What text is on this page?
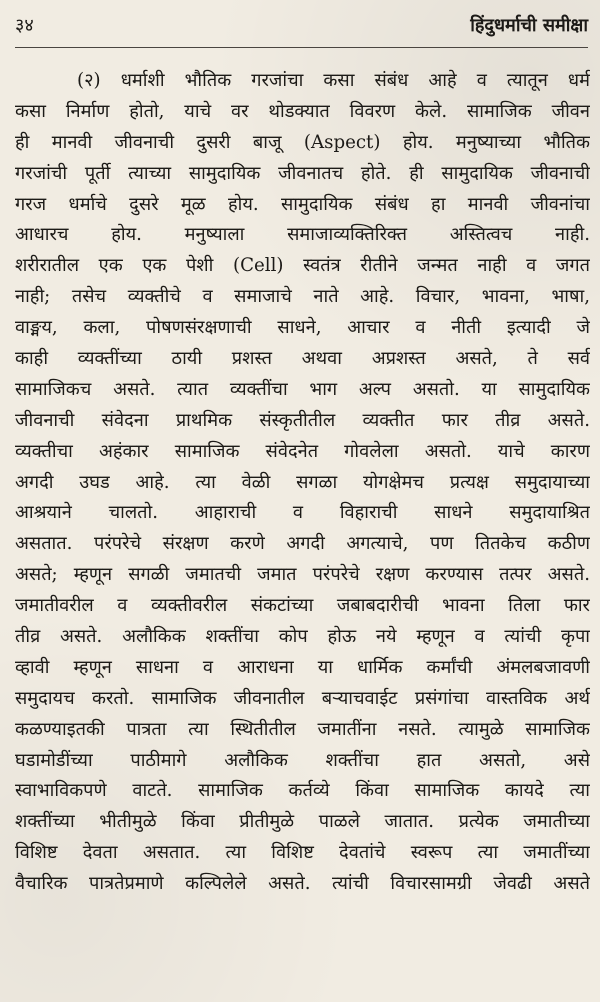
३४	हिंदुधर्माची समीक्षा
(२) धर्माशी भौतिक गरजांचा कसा संबंध आहे व त्यातून धर्म
कसा निर्माण होतो, याचे वर थोडक्यात विवरण केले. सामाजिक जीवन
ही मानवी जीवनाची दुसरी बाजू (Aspect) होय. मनुष्याच्या भौतिक
गरजांची पूर्ती त्याच्या सामुदायिक जीवनातच होते. ही सामुदायिक जीवनाची
गरज धर्माचे दुसरे मूळ होय. सामुदायिक संबंध हा मानवी जीवनांचा
आधारच होय. मनुष्याला समाजाव्यक्तिरिक्त अस्तित्वच नाही.
शरीरातील एक एक पेशी (Cell) स्वतंत्र रीतीने जन्मत नाही व जगत
नाही; तसेच व्यक्तीचे व समाजाचे नाते आहे. विचार, भावना, भाषा,
वाङ्मय, कला, पोषणसंरक्षणाची साधने, आचार व नीती इत्यादी जे
काही व्यक्तींच्या ठायी प्रशस्त अथवा अप्रशस्त असते, ते सर्व
सामाजिकच असते. त्यात व्यक्तींचा भाग अल्प असतो. या सामुदायिक
जीवनाची संवेदना प्राथमिक संस्कृतीतील व्यक्तीत फार तीव्र असते.
व्यक्तीचा अहंकार सामाजिक संवेदनेत गोवलेला असतो. याचे कारण
अगदी उघड आहे. त्या वेळी सगळा योगक्षेमच प्रत्यक्ष समुदायाच्या
आश्रयाने चालतो. आहाराची व विहाराची साधने समुदायाश्रित
असतात. परंपरेचे संरक्षण करणे अगदी अगत्याचे, पण तितकेच कठीण
असते; म्हणून सगळी जमातची जमात परंपरेचे रक्षण करण्यास तत्पर असते.
जमातीवरील व व्यक्तीवरील संकटांच्या जबाबदारीची भावना तिला फार
तीव्र असते. अलौकिक शक्तींचा कोप होऊ नये म्हणून व त्यांची कृपा
व्हावी म्हणून साधना व आराधना या धार्मिक कर्मांची अंमलबजावणी
समुदायच करतो. सामाजिक जीवनातील बऱ्याचवाईट प्रसंगांचा वास्तविक अर्थ
कळण्याइतकी पात्रता त्या स्थितीतील जमातींना नसते. त्यामुळे सामाजिक
घडामोडींच्या पाठीमागे अलौकिक शक्तींचा हात असतो, असे
स्वाभाविकपणे वाटते. सामाजिक कर्तव्ये किंवा सामाजिक कायदे त्या
शक्तींच्या भीतीमुळे किंवा प्रीतीमुळे पाळले जातात. प्रत्येक जमातीच्या
विशिष्ट देवता असतात. त्या विशिष्ट देवतांचे स्वरूप त्या जमातींच्या
वैचारिक पात्रतेप्रमाणे कल्पिलेले असते. त्यांची विचारसामग्री जेवढी असते
